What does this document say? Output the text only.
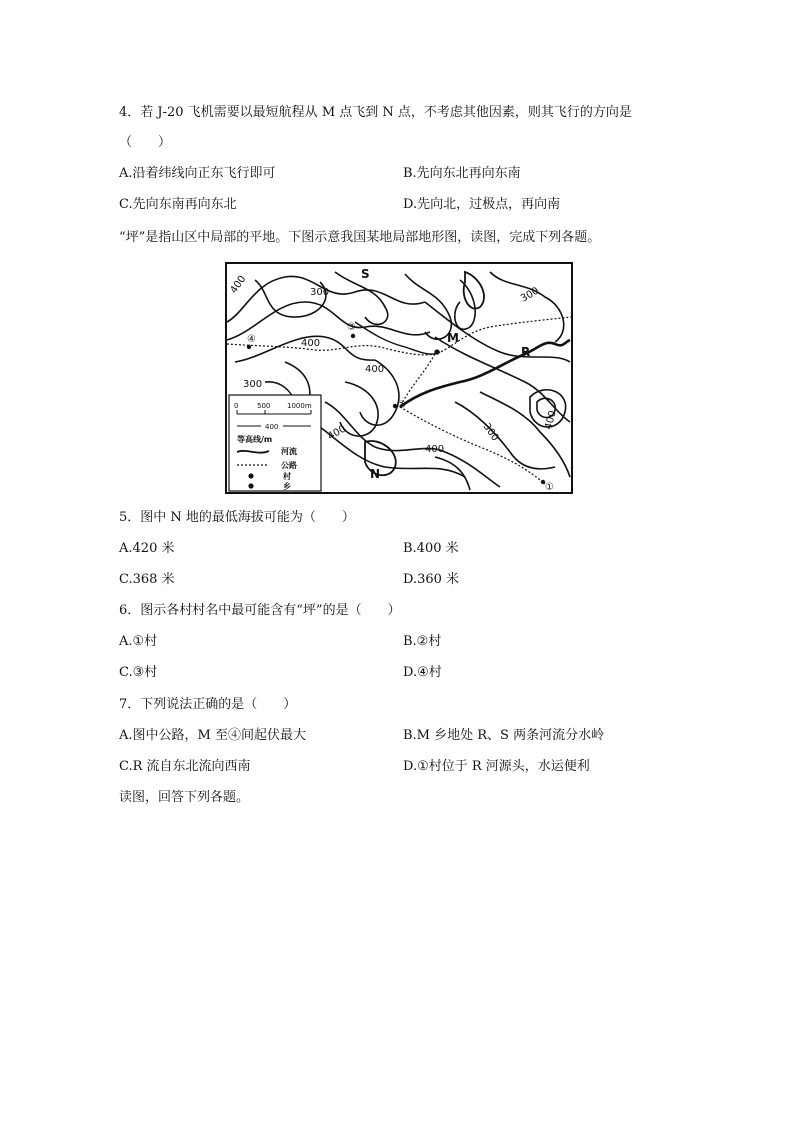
4．若 J-20 飞机需要以最短航程从 M 点飞到 N 点，不考虑其他因素，则其飞行的方向是
（　　）
A.沿着纬线向正东飞行即可	B.先向东北再向东南
C.先向东南再向东北	D.先向北，过极点，再向南
“坪”是指山区中局部的平地。下图示意我国某地局部地形图，读图，完成下列各题。
0	500 1000m
400
等高线/m
河流
公路
村
乡
400	300
300
400
400
300
400	300
400
400
S
M
R
N
①
②
③
④
5．图中 N 地的最低海拔可能为（　　）
A.420 米	B.400 米
C.368 米	D.360 米
6．图示各村村名中最可能含有“坪”的是（　　）
A.①村	B.②村
C.③村	D.④村
7．下列说法正确的是（　　）
A.图中公路，M 至④间起伏最大	B.M 乡地处 R、S 两条河流分水岭
C.R 流自东北流向西南	D.①村位于 R 河源头，水运便利
读图，回答下列各题。
